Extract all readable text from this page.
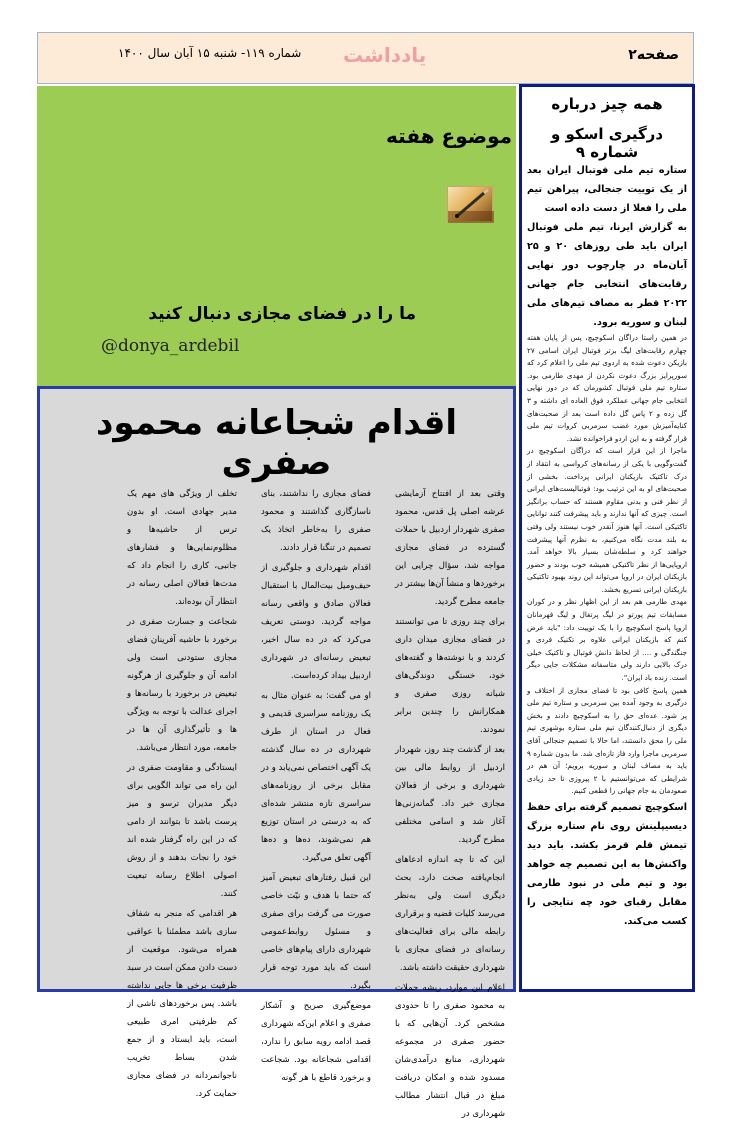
صفحه۲
یادداشت
شماره ۱۱۹- شنبه ۱۵ آبان سال ۱۴۰۰
موضوع هفته
ما را در فضای مجازی دنبال کنید
@donya_ardebil
همه چیز درباره
درگیری اسکو و شماره ۹

ستاره تیم ملی فوتبال ایران بعد از یک توییت جنجالی، پیراهن تیم ملی را فعلا از دست داده است

به گزارش ایرنا، تیم ملی فوتبال ایران باید طی روزهای ۲۰ و ۲۵ آبان‌ماه در چارچوب دور نهایی رقابت‌های انتخابی جام جهانی ۲۰۲۲ قطر به مصاف تیم‌های ملی لبنان و سوریه برود.

در همین راستا دراگان اسکوچیچ، پس از پایان هفته چهارم رقابت‌های لیگ برتر فوتبال ایران اسامی ۲۷ بازیکن دعوت شده به اردوی تیم ملی را اعلام کرد که سورپرایز بزرگ دعوت نکردن از مهدی طارمی بود. ستاره تیم ملی فوتبال کشورمان که در دور نهایی انتخابی جام جهانی عملکرد فوق العاده ای داشته و ۳ گل زده و ۲ پاس گل داده است بعد از صحبت‌های کنایه‌آمیزش مورد غضب سرمربی کروات تیم ملی قرار گرفته و به این اردو فراخوانده نشد.

ماجرا از این قرار است که دراگان اسکوچیچ در گفت‌وگویی با یکی از رسانه‌های کرواسی به انتقاد از درک تاکتیک بازیکنان ایرانی پرداخت. بخشی از صحبت‌های او به این ترتیب بود: فوتبالیست‌های ایرانی از نظر فنی و بدنی مقاوم هستند که حساب برانگیز است. چیزی که آنها ندارند و باید پیشرفت کنند توانایی تاکتیکی است. آنها هنوز آنقدر خوب نیستند ولی وقتی به بلند مدت نگاه می‌کنیم، به نظرم آنها پیشرفت خواهند کرد و سلطه‌شان بسیار بالا خواهد آمد. اروپایی‌ها از نظر تاکتیکی همیشه خوب بودند و حضور بازیکنان ایران در اروپا می‌تواند این روند بهبود تاکتیکی بازیکنان ایرانی تسریع بخشد.

مهدی طارمی هم بعد از این اظهار نظر و در کوران مسابقات تیم پورتو در لیگ پرتغال و لیگ قهرمانان اروپا پاسخ اسکوچیچ را با یک توییت داد: "باید عرض کنم که بازیکنان ایرانی علاوه بر تکنیک فردی و جنگندگی و .... از لحاظ دانش فوتبال و تاکتیک خیلی درک بالایی دارند ولی متاسفانه مشکلات جایی دیگر است. زنده باد ایران".

همین پاسخ کافی بود تا فضای مجازی از اختلاف و درگیری به وجود آمده بین سرمربی و ستاره تیم ملی پر شود. عده‌ای حق را به اسکوچیچ دادند و بخش دیگری از دنبال‌کنندگان تیم ملی ستاره بوشهری تیم ملی را محق دانستند، اما حالا با تصمیم جنجالی آقای سرمربی ماجرا وارد فاز تازه‌ای شد. ما بدون شماره ۹ باید به مصاف لبنان و سوریه برویم؛ آن هم در شرایطی که می‌توانستیم با ۲ پیروزی تا حد زیادی صعودمان به جام جهانی را قطعی کنیم.

اسکوچیچ تصمیم گرفته برای حفظ دیسیپلینش روی نام ستاره بزرگ تیمش قلم قرمز بکشد. باید دید واکنش‌ها به این تصمیم چه خواهد بود و تیم ملی در نبود طارمی مقابل رقبای خود چه نتایجی را کسب می‌کند.

اقدام شجاعانه محمود صفری

وقتی بعد از افتتاح آزمایشی عرشه اصلی پل قدس، محمود صفری شهردار اردبیل با حملات گسترده در فضای مجازی مواجه شد، سؤال چرایی این برخوردها و منشأ آن‌ها بیشتر در جامعه مطرح گردید.

برای چند روزی تا می توانستند در فضای مجازی میدان داری کردند و با نوشته‌ها و گفته‌های خود، خستگی دوندگی‌های شبانه روزی صفری و همکارانش را چندین برابر نمودند.

بعد از گذشت چند روز، شهردار اردبیل از روابط مالی بین شهرداری و برخی از فعالان مجازی خبر داد. گمانه‌زنی‌ها آغاز شد و اسامی مختلفی مطرح گردید.

این که تا چه اندازه ادعاهای انجام‌یافته صحت دارد، بحث دیگری است ولی به‌نظر می‌رسد کلیات قضیه و برقراری رابطه مالی برای فعالیت‌های رسانه‌ای در فضای مجازی با شهرداری حقیقت داشته باشد.

اعلام این موارد، ریشه حملات به محمود صفری را تا حدودی مشخص کرد. آن‌هایی که با حضور صفری در مجموعه شهرداری، منابع درآمدی‌شان مسدود شده و امکان دریافت مبلغ در قبال انتشار مطالب شهرداری در

فضای مجازی را نداشتند، بنای ناسازگاری گذاشتند و محمود صفری را به‌خاطر اتخاذ یک تصمیم در تنگنا قرار دادند.

اقدام شهرداری و جلوگیری از حیف‌ومیل بیت‌المال با استقبال فعالان صادق و واقعی رسانه مواجه گردید. دوستی تعریف می‌کرد که در ده سال اخیر، تبعیض رسانه‌ای در شهرداری اردبیل بیداد کرده‌است.

او می گفت: به عنوان مثال به یک روزنامه سراسری قدیمی و فعال در استان از طرف شهرداری در ده سال گذشته یک آگهی اختصاص نمی‌یابد و در مقابل برخی از روزنامه‌های سراسری تازه منتشر شده‌ای که به درستی در استان توزیع هم نمی‌شوند، ده‌ها و ده‌ها آگهی تعلق می‌گیرد.

این قبیل رفتارهای تبعیض آمیز که حتما با هدف و نیّت خاصی صورت می گرفت برای صفری و مسئول روابط‌عمومی شهرداری دارای پیام‌های خاصی است که باید مورد توجه قرار بگیرد.

موضع‌گیری صریح و آشکار صفری و اعلام این‌که شهرداری قصد ادامه رویه سابق را ندارد، اقدامی شجاعانه بود. شجاعت و برخورد قاطع با هر گونه

تخلف از ویژگی های مهم یک مدیر جهادی است. او بدون ترس از حاشیه‌ها و مظلوم‌نمایی‌ها و فشارهای جانبی، کاری را انجام داد که مدت‌ها فعالان اصلی رسانه در انتظار آن بوده‌اند.

شجاعت و جسارت صفری در برخورد با حاشیه آفرینان فضای مجازی ستودنی است ولی ادامه آن و جلوگیری از هرگونه تبعیض در برخورد با رسانه‌ها و اجرای عدالت با توجه به ویژگی ها و تأثیرگذاری آن ها در جامعه، مورد انتظار می‌باشد.

ایستادگی و مقاومت صفری در این راه می تواند الگویی برای دیگر مدیران ترسو و میز پرست باشد تا بتوانند از دامی که در این راه گرفتار شده اند خود را نجات بدهند و از روش اصولی اطلاع رسانه تبعیت کنند.

هر اقدامی که منجر به شفاف سازی باشد مطمئنا با عواقبی همراه می‌شود. موقعیت از دست دادن ممکن است در سبد ظرفیت برخی ها جایی نداشته باشد. پس برخوردهای ناشی از کم ظرفیتی امری طبیعی است، باید ایستاد و از جمع شدن بساط تخریب ناجوانمردانه در فضای مجازی حمایت کرد.
